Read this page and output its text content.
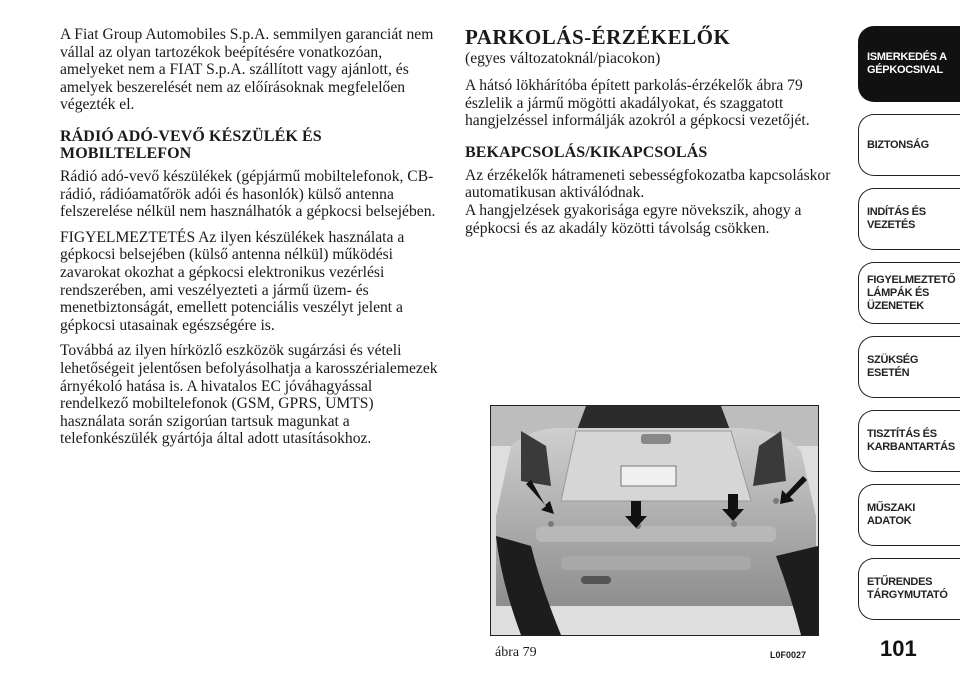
A Fiat Group Automobiles S.p.A. semmilyen garanciát nem vállal az olyan tartozékok beépítésére vonatkozóan, amelyeket nem a FIAT S.p.A. szállított vagy ajánlott, és amelyek beszerelését nem az előírásoknak megfelelően végezték el.

RÁDIÓ ADÓ-VEVŐ KÉSZÜLÉK ÉS MOBILTELEFON

Rádió adó-vevő készülékek (gépjármű mobiltelefonok, CB-rádió, rádióamatőrök adói és hasonlók) külső antenna felszerelése nélkül nem használhatók a gépkocsi belsejében.

FIGYELMEZTETÉS Az ilyen készülékek használata a gépkocsi belsejében (külső antenna nélkül) működési zavarokat okozhat a gépkocsi elektronikus vezérlési rendszerében, ami veszélyezteti a jármű üzem- és menetbiztonságát, emellett potenciális veszélyt jelent a gépkocsi utasainak egészségére is.

Továbbá az ilyen hírközlő eszközök sugárzási és vételi lehetőségeit jelentősen befolyásolhatja a karosszérialemezek árnyékoló hatása is. A hivatalos EC jóváhagyással rendelkező mobiltelefonok (GSM, GPRS, UMTS) használata során szigorúan tartsuk magunkat a telefonkészülék gyártója által adott utasításokhoz.

PARKOLÁS-ÉRZÉKELŐK
(egyes változatoknál/piacokon)

A hátsó lökhárítóba épített parkolás-érzékelők ábra 79 észlelik a jármű mögötti akadályokat, és szaggatott hangjelzéssel informálják azokról a gépkocsi vezetőjét.

BEKAPCSOLÁS/KIKAPCSOLÁS

Az érzékelők hátrameneti sebességfokozatba kapcsoláskor automatikusan aktiválódnak.

A hangjelzések gyakorisága egyre növekszik, ahogy a gépkocsi és az akadály közötti távolság csökken.

ábra 79	L0F0027
ISMERKEDÉS A GÉPKOCSIVAL
BIZTONSÁG
INDÍTÁS ÉS VEZETÉS
FIGYELMEZTETŐ LÁMPÁK ÉS ÜZENETEK
SZÜKSÉG ESETÉN
TISZTÍTÁS ÉS KARBANTARTÁS
MŰSZAKI ADATOK
ETŰRENDES TÁRGYMUTATÓ
101
